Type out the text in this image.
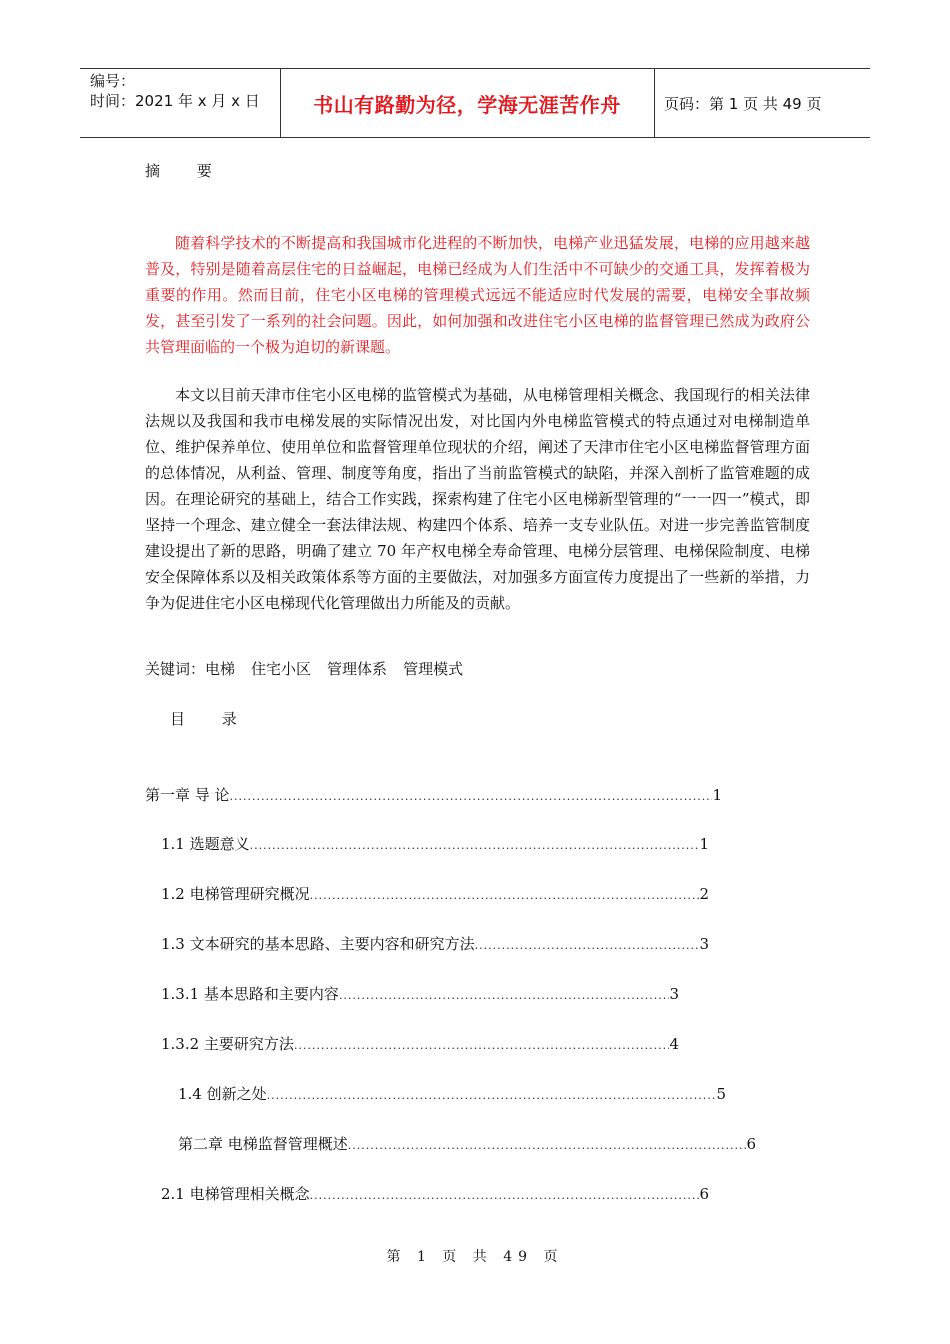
编号：
时间：2021 年 x 月 x 日	书山有路勤为径，学海无涯苦作舟	页码：第 1 页 共 49 页
摘 要

随着科学技术的不断提高和我国城市化进程的不断加快，电梯产业迅猛发展，电梯的应用越来越普及，特别是随着高层住宅的日益崛起，电梯已经成为人们生活中不可缺少的交通工具，发挥着极为重要的作用。然而目前，住宅小区电梯的管理模式远远不能适应时代发展的需要，电梯安全事故频发，甚至引发了一系列的社会问题。因此，如何加强和改进住宅小区电梯的监督管理已然成为政府公共管理面临的一个极为迫切的新课题。

本文以目前天津市住宅小区电梯的监管模式为基础，从电梯管理相关概念、我国现行的相关法律法规以及我国和我市电梯发展的实际情况出发，对比国内外电梯监管模式的特点通过对电梯制造单位、维护保养单位、使用单位和监督管理单位现状的介绍，阐述了天津市住宅小区电梯监督管理方面的总体情况，从利益、管理、制度等角度，指出了当前监管模式的缺陷，并深入剖析了监管难题的成因。在理论研究的基础上，结合工作实践，探索构建了住宅小区电梯新型管理的“一一四一”模式，即坚持一个理念、建立健全一套法律法规、构建四个体系、培养一支专业队伍。对进一步完善监管制度建设提出了新的思路，明确了建立 70 年产权电梯全寿命管理、电梯分层管理、电梯保险制度、电梯安全保障体系以及相关政策体系等方面的主要做法，对加强多方面宣传力度提出了一些新的举措，力争为促进住宅小区电梯现代化管理做出力所能及的贡献。

关键词：电梯 住宅小区 管理体系 管理模式
目 录
第一章 导 论 .....	1
1.1 选题意义 .....	1
1.2 电梯管理研究概况 .....	2
1.3 文本研究的基本思路、主要内容和研究方法 .....	3
1.3.1 基本思路和主要内容 .....	3
1.3.2 主要研究方法 .....	4
1.4 创新之处 .....	5
第二章 电梯监督管理概述 .....	6
2.1 电梯管理相关概念 .....	6
第 1 页 共 49 页
